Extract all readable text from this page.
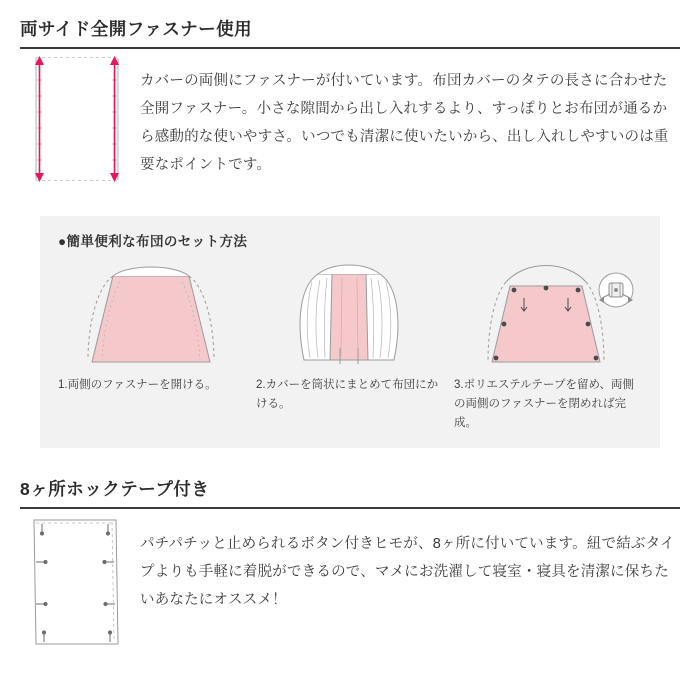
両サイド全開ファスナー使用

カバーの両側にファスナーが付いています。布団カバーのタテの長さに合わせた全開ファスナー。小さな隙間から出し入れするより、すっぽりとお布団が通るから感動的な使いやすさ。いつでも清潔に使いたいから、出し入れしやすいのは重要なポイントです。

●簡単便利な布団のセット方法
1.両側のファスナーを開ける。	2.カバーを筒状にまとめて布団にかける。
3.ポリエステルテープを留め、両側の両側のファスナーを閉めれば完成。
8ヶ所ホックテープ付き

パチパチッと止められるボタン付きヒモが、8ヶ所に付いています。紐で結ぶタイプよりも手軽に着脱ができるので、マメにお洗濯して寝室・寝具を清潔に保ちたいあなたにオススメ！
